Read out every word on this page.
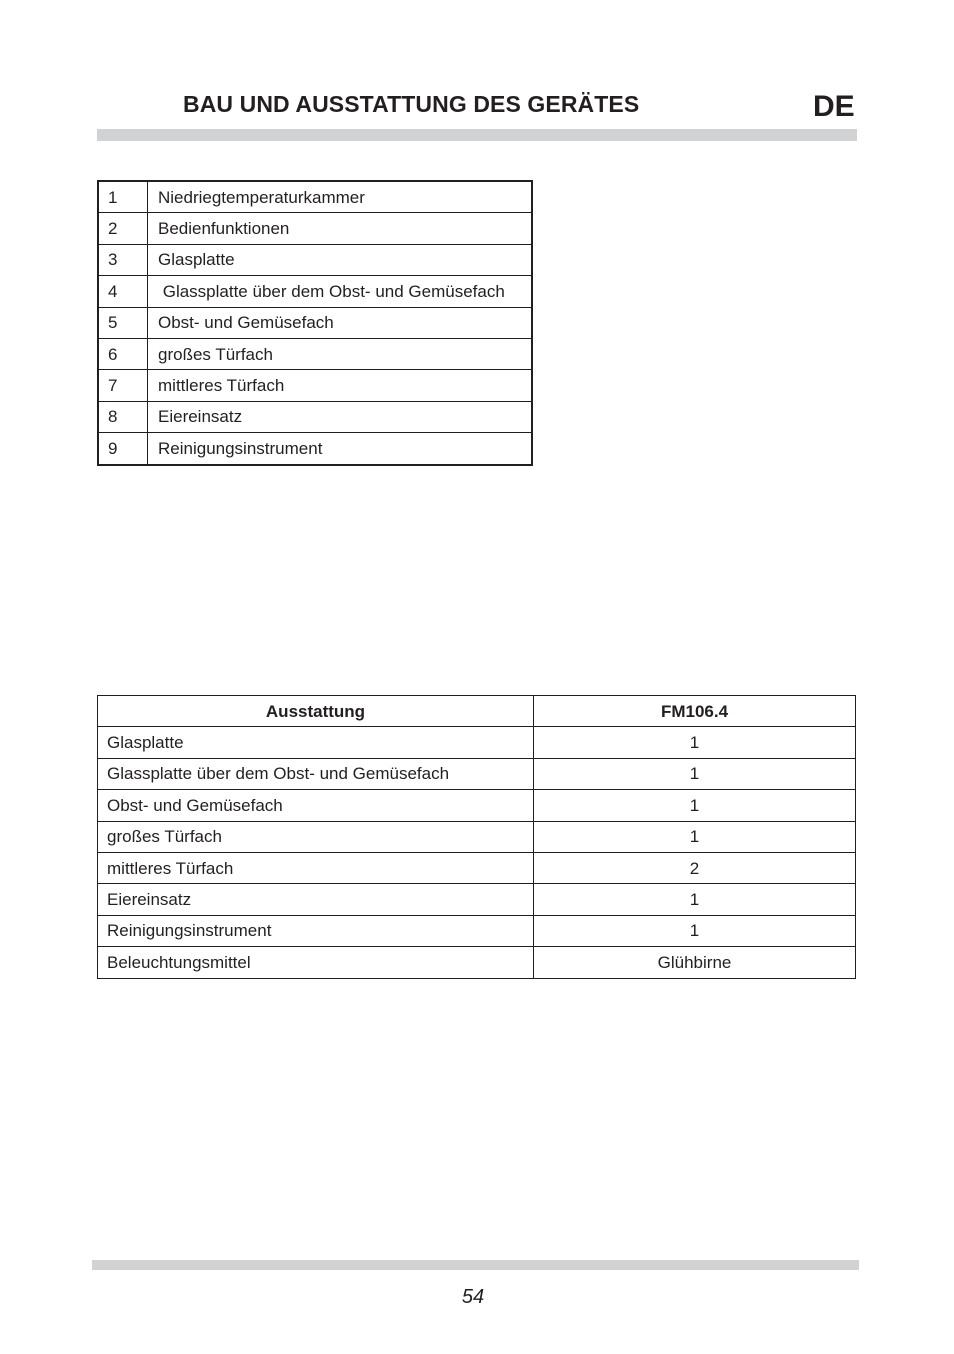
BAU UND AUSSTATTUNG DES GERÄTES	DE
1	Niedriegtemperaturkammer
2	Bedienfunktionen
3	Glasplatte
4	Glassplatte über dem Obst- und Gemüsefach
5	Obst- und Gemüsefach
6	großes Türfach
7	mittleres Türfach
8	Eiereinsatz
9	Reinigungsinstrument
Ausstattung	FM106.4
Glasplatte	1
Glassplatte über dem Obst- und Gemüsefach	1
Obst- und Gemüsefach	1
großes Türfach	1
mittleres Türfach	2
Eiereinsatz	1
Reinigungsinstrument	1
Beleuchtungsmittel	Glühbirne
54
